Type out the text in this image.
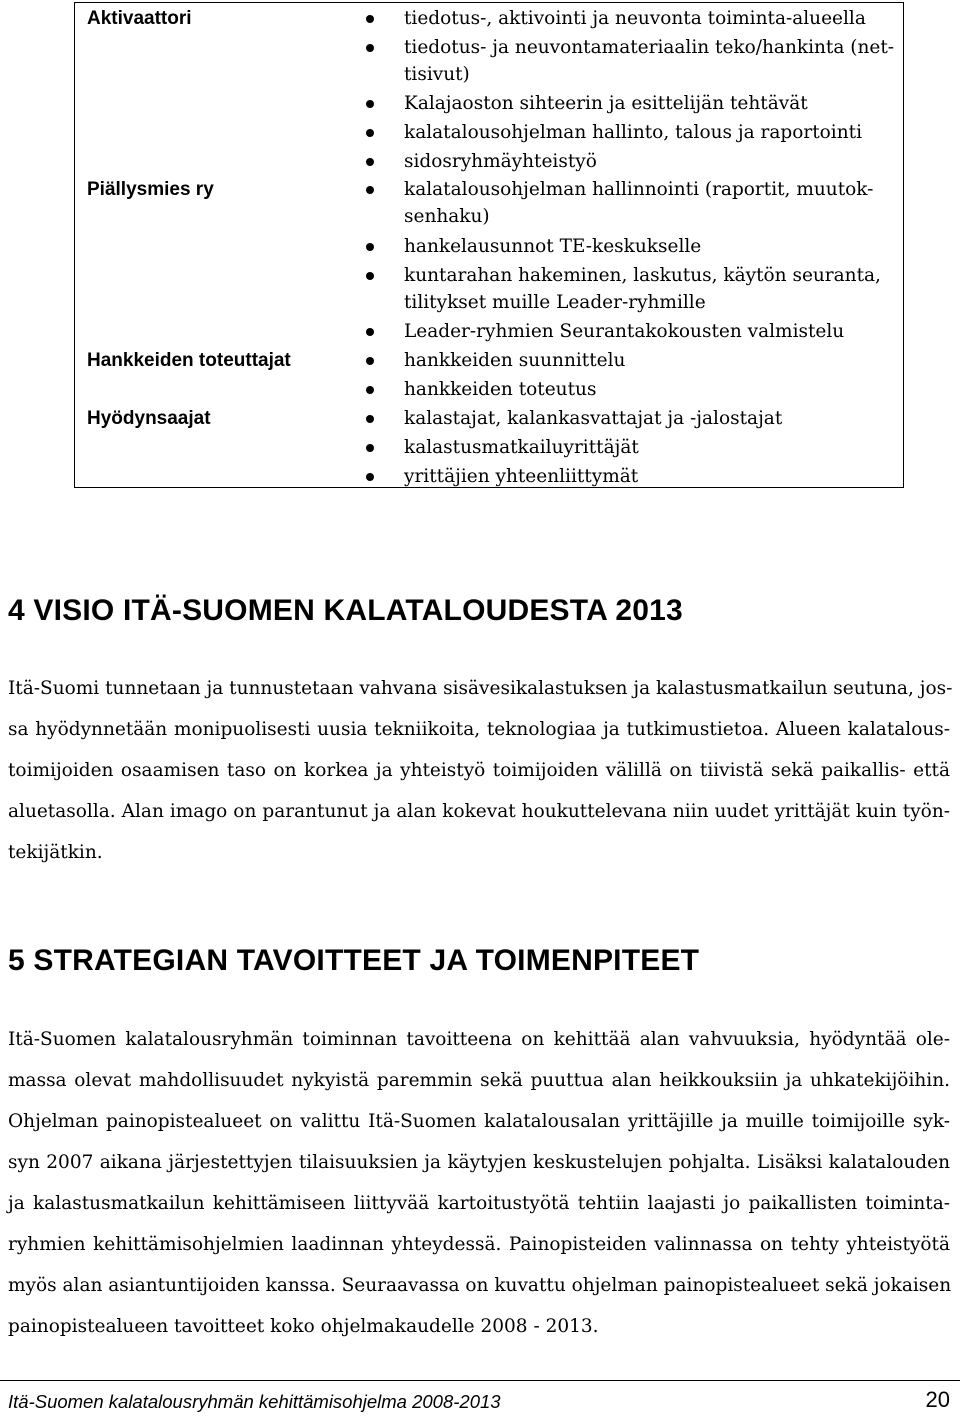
Aktivaattori	tiedotus-, aktivointi ja neuvonta toiminta-alueella
tiedotus- ja neuvontamateriaalin teko/hankinta (net-
tisivut)
Kalajaoston sihteerin ja esittelijän tehtävät
kalatalousohjelman hallinto, talous ja raportointi
sidosryhmäyhteistyö
Piällysmies ry	kalatalousohjelman hallinnointi (raportit, muutok-
senhaku)
hankelausunnot TE-keskukselle
kuntarahan hakeminen, laskutus, käytön seuranta,
tilitykset muille Leader-ryhmille
Leader-ryhmien Seurantakokousten valmistelu
Hankkeiden toteuttajat	hankkeiden suunnittelu
hankkeiden toteutus
Hyödynsaajat	kalastajat, kalankasvattajat ja -jalostajat
kalastusmatkailuyrittäjät
yrittäjien yhteenliittymät
4 VISIO ITÄ-SUOMEN KALATALOUDESTA 2013
Itä-Suomi tunnetaan ja tunnustetaan vahvana sisävesikalastuksen ja kalastusmatkailun seutuna, jos-
sa hyödynnetään monipuolisesti uusia tekniikoita, teknologiaa ja tutkimustietoa. Alueen kalatalous-
toimijoiden osaamisen taso on korkea ja yhteistyö toimijoiden välillä on tiivistä sekä paikallis- että
aluetasolla. Alan imago on parantunut ja alan kokevat houkuttelevana niin uudet yrittäjät kuin työn-
tekijätkin.
5 STRATEGIAN TAVOITTEET JA TOIMENPITEET
Itä-Suomen kalatalousryhmän toiminnan tavoitteena on kehittää alan vahvuuksia, hyödyntää ole-
massa olevat mahdollisuudet nykyistä paremmin sekä puuttua alan heikkouksiin ja uhkatekijöihin.
Ohjelman painopistealueet on valittu Itä-Suomen kalatalousalan yrittäjille ja muille toimijoille syk-
syn 2007 aikana järjestettyjen tilaisuuksien ja käytyjen keskustelujen pohjalta. Lisäksi kalatalouden
ja kalastusmatkailun kehittämiseen liittyvää kartoitustyötä tehtiin laajasti jo paikallisten toiminta-
ryhmien kehittämisohjelmien laadinnan yhteydessä. Painopisteiden valinnassa on tehty yhteistyötä
myös alan asiantuntijoiden kanssa. Seuraavassa on kuvattu ohjelman painopistealueet sekä jokaisen
painopistealueen tavoitteet koko ohjelmakaudelle 2008 - 2013.
Itä-Suomen kalatalousryhmän kehittämisohjelma 2008-2013	20
